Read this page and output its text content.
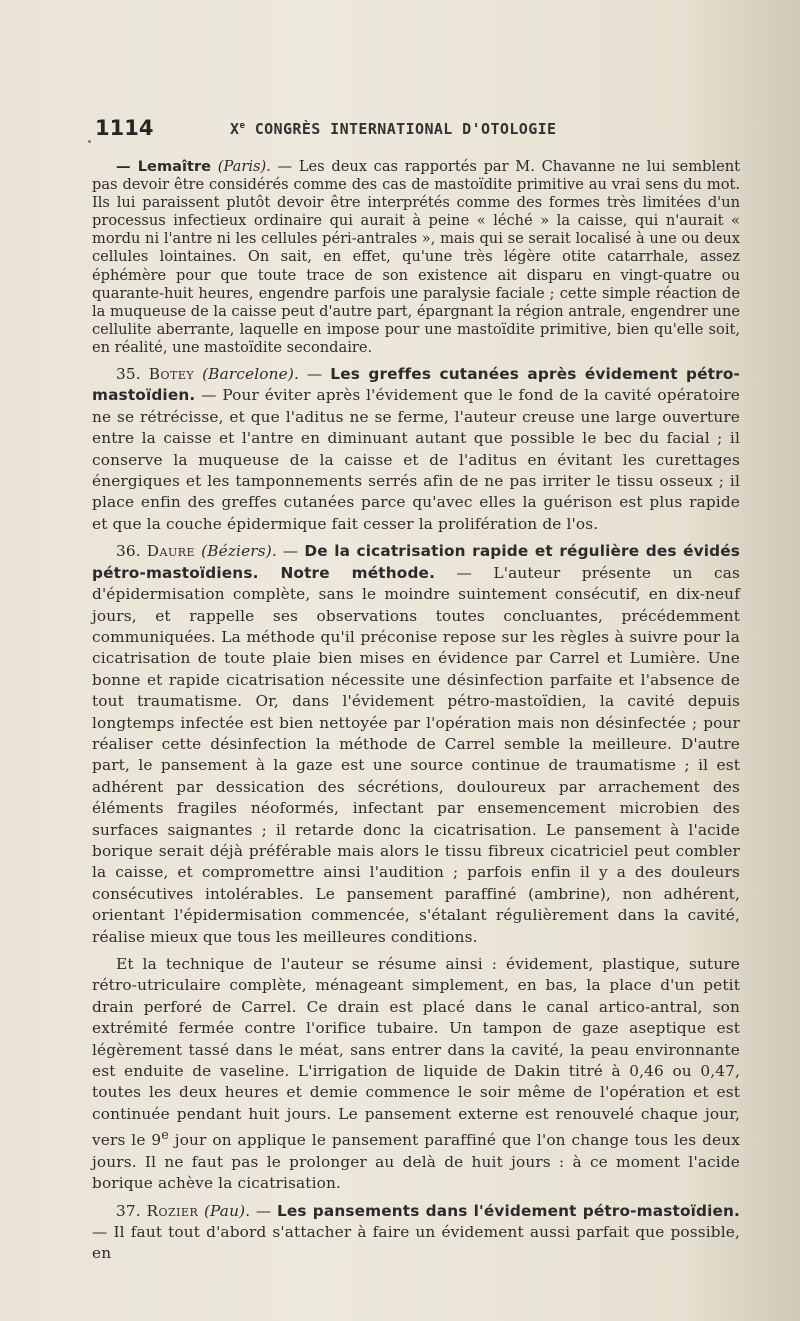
1114	Xe CONGRÈS INTERNATIONAL D'OTOLOGIE

— Lemaître (Paris). — Les deux cas rapportés par M. Chavanne ne lui semblent pas devoir être considérés comme des cas de mastoïdite primitive au vrai sens du mot. Ils lui paraissent plutôt devoir être interprétés comme des formes très limitées d'un processus infectieux ordinaire qui aurait à peine « léché » la caisse, qui n'aurait « mordu ni l'antre ni les cellules péri-antrales », mais qui se serait localisé à une ou deux cellules lointaines. On sait, en effet, qu'une très légère otite catarrhale, assez éphémère pour que toute trace de son existence ait disparu en vingt-quatre ou quarante-huit heures, engendre parfois une paralysie faciale ; cette simple réaction de la muqueuse de la caisse peut d'autre part, épargnant la région antrale, engendrer une cellulite aberrante, laquelle en impose pour une mastoïdite primitive, bien qu'elle soit, en réalité, une mastoïdite secondaire.

35. Botey (Barcelone). — Les greffes cutanées après évidement pétro-mastoïdien. — Pour éviter après l'évidement que le fond de la cavité opératoire ne se rétrécisse, et que l'aditus ne se ferme, l'auteur creuse une large ouverture entre la caisse et l'antre en diminuant autant que possible le bec du facial ; il conserve la muqueuse de la caisse et de l'aditus en évitant les curettages énergiques et les tamponnements serrés afin de ne pas irriter le tissu osseux ; il place enfin des greffes cutanées parce qu'avec elles la guérison est plus rapide et que la couche épidermique fait cesser la prolifération de l'os.

36. Daure (Béziers). — De la cicatrisation rapide et régulière des évidés pétro-mastoïdiens. Notre méthode. — L'auteur présente un cas d'épidermisation complète, sans le moindre suintement consécutif, en dix-neuf jours, et rappelle ses observations toutes concluantes, précédemment communiquées. La méthode qu'il préconise repose sur les règles à suivre pour la cicatrisation de toute plaie bien mises en évidence par Carrel et Lumière. Une bonne et rapide cicatrisation nécessite une désinfection parfaite et l'absence de tout traumatisme. Or, dans l'évidement pétro-mastoïdien, la cavité depuis longtemps infectée est bien nettoyée par l'opération mais non désinfectée ; pour réaliser cette désinfection la méthode de Carrel semble la meilleure. D'autre part, le pansement à la gaze est une source continue de traumatisme ; il est adhérent par dessication des sécrétions, douloureux par arrachement des éléments fragiles néoformés, infectant par ensemencement microbien des surfaces saignantes ; il retarde donc la cicatrisation. Le pansement à l'acide borique serait déjà préférable mais alors le tissu fibreux cicatriciel peut combler la caisse, et compromettre ainsi l'audition ; parfois enfin il y a des douleurs consécutives intolérables. Le pansement paraffiné (ambrine), non adhérent, orientant l'épidermisation commencée, s'étalant régulièrement dans la cavité, réalise mieux que tous les meilleures conditions.

Et la technique de l'auteur se résume ainsi : évidement, plastique, suture rétro-utriculaire complète, ménageant simplement, en bas, la place d'un petit drain perforé de Carrel. Ce drain est placé dans le canal artico-antral, son extrémité fermée contre l'orifice tubaire. Un tampon de gaze aseptique est légèrement tassé dans le méat, sans entrer dans la cavité, la peau environnante est enduite de vaseline. L'irrigation de liquide de Dakin titré à 0,46 ou 0,47, toutes les deux heures et demie commence le soir même de l'opération et est continuée pendant huit jours. Le pansement externe est renouvelé chaque jour, vers le 9e jour on applique le pansement paraffiné que l'on change tous les deux jours. Il ne faut pas le prolonger au delà de huit jours : à ce moment l'acide borique achève la cicatrisation.

37. Rozier (Pau). — Les pansements dans l'évidement pétro-mastoïdien. — Il faut tout d'abord s'attacher à faire un évidement aussi parfait que possible, en
